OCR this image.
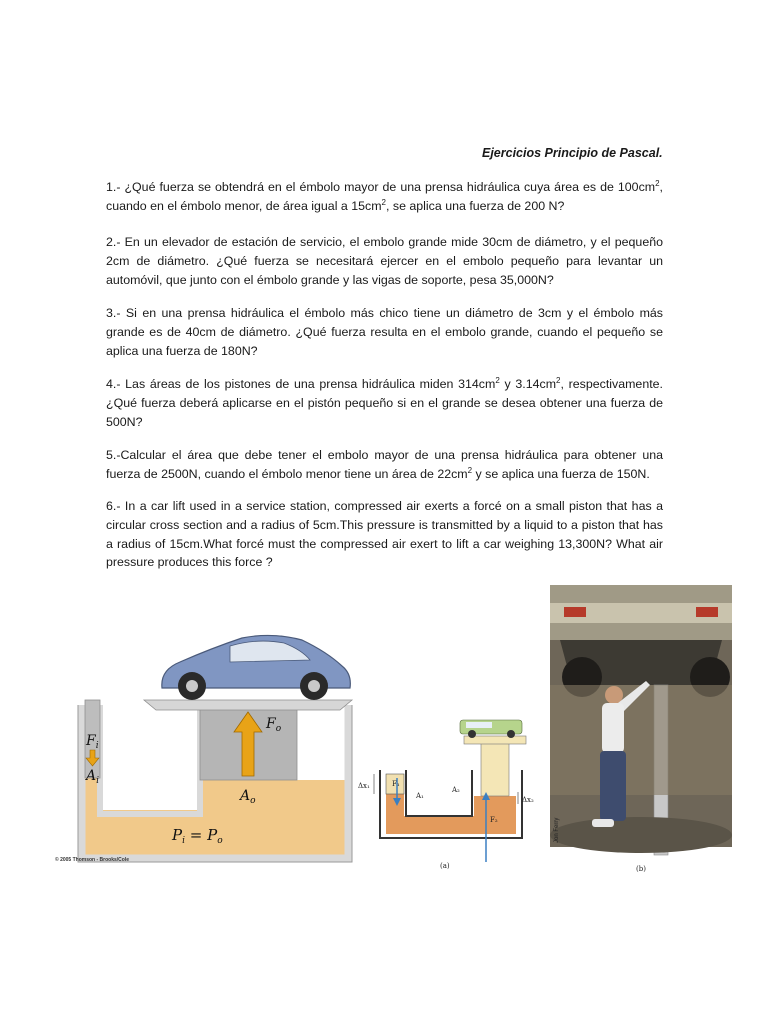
Ejercicios Principio de Pascal.

1.- ¿Qué fuerza se obtendrá en el émbolo mayor de una prensa hidráulica cuya área es de $100cm^2$, cuando en el émbolo menor, de área igual a $15cm^2$, se aplica una fuerza de 200 N?

2.- En un elevador de estación de servicio, el embolo grande mide 30cm de diámetro, y el pequeño 2cm de diámetro. ¿Qué fuerza se necesitará ejercer en el embolo pequeño para levantar un automóvil, que junto con el émbolo grande y las vigas de soporte, pesa 35,000N?

3.- Si en una prensa hidráulica el émbolo más chico tiene un diámetro de 3cm y el émbolo más grande es de 40cm de diámetro. ¿Qué fuerza resulta en el embolo grande, cuando el pequeño se aplica una fuerza de 180N?

4.- Las áreas de los pistones de una prensa hidráulica miden $314cm^2$ y $3.14cm^2$, respectivamente. ¿Qué fuerza deberá aplicarse en el pistón pequeño si en el grande se desea obtener una fuerza de 500N?

5.-Calcular el área que debe tener el embolo mayor de una prensa hidráulica para obtener una fuerza de 2500N, cuando el émbolo menor tiene un área de $22cm^2$ y se aplica una fuerza de 150N.

6.- In a car lift used in a service station, compressed air exerts a forcé on a small piston that has a circular cross section and a radius of 5cm.This pressure is transmitted by a liquid to a piston that has a radius of 15cm.What forcé must the compressed air exert to lift a car weighing 13,300N? What air pressure produces this force ?

$F_i$
$A_i$
$F_o$
$A_o$
$P_i = P_o$
© 2005 Thomson - Brooks/Cole
Δx₁	F₁
A₁
A₂
Δx₂
F₂
(a)
Jon Ferry
(b)
